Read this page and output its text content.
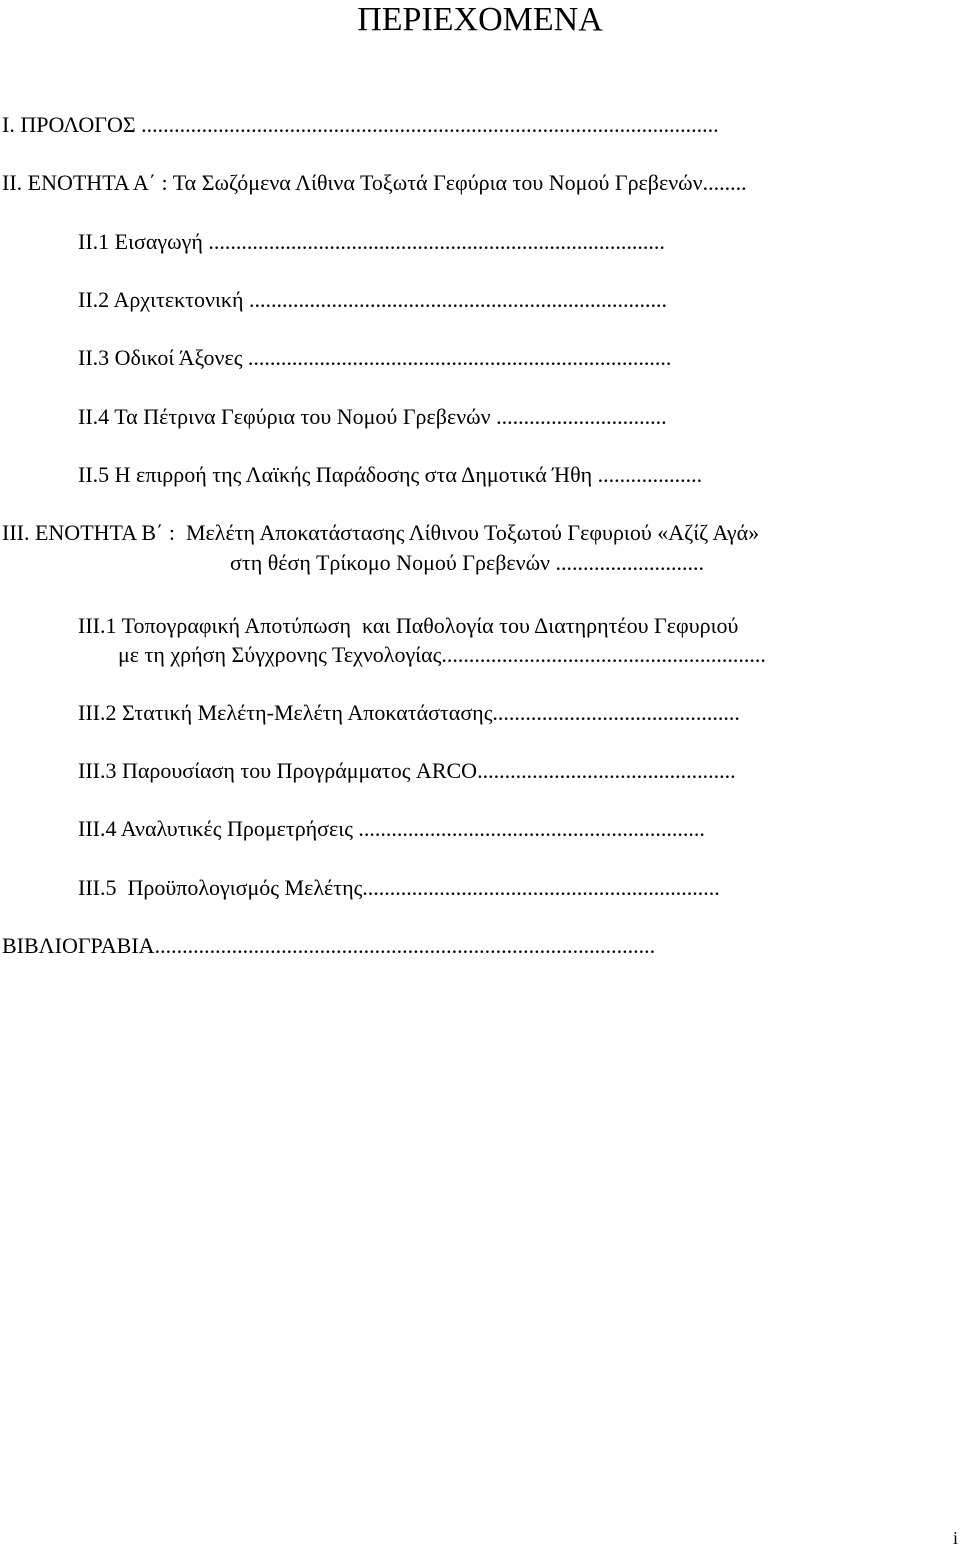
ΠΕΡΙΕΧΟΜΕΝΑ
Ι. ΠΡΟΛΟΓΟΣ .........................................................................................................
ΙΙ. ΕΝΟΤΗΤΑ Α΄ : Τα Σωζόμενα Λίθινα Τοξωτά Γεφύρια του Νομού Γρεβενών........
ΙΙ.1 Εισαγωγή ...................................................................................
ΙΙ.2 Αρχιτεκτονική ............................................................................
ΙΙ.3 Οδικοί Άξονες .............................................................................
ΙΙ.4 Τα Πέτρινα Γεφύρια του Νομού Γρεβενών ...............................
ΙΙ.5 Η επιρροή της Λαϊκής Παράδοσης στα Δημοτικά Ήθη ...................
ΙΙΙ. ΕΝΟΤΗΤΑ Β΄ :  Μελέτη Αποκατάστασης Λίθινου Τοξωτού Γεφυριού «Αζίζ Αγά»
στη θέση Τρίκομο Νομού Γρεβενών ...........................
ΙΙΙ.1 Τοπογραφική Αποτύπωση  και Παθολογία του Διατηρητέου Γεφυριού
με τη χρήση Σύγχρονης Τεχνολογίας...........................................................
ΙΙΙ.2 Στατική Μελέτη-Μελέτη Αποκατάστασης.............................................
ΙΙΙ.3 Παρουσίαση του Προγράμματος ARCO...............................................
ΙΙΙ.4 Αναλυτικές Προμετρήσεις ...............................................................
ΙΙΙ.5  Προϋπολογισμός Μελέτης.................................................................
ΒΙΒΛΙΟΓΡΑΒΙΑ...........................................................................................
i
